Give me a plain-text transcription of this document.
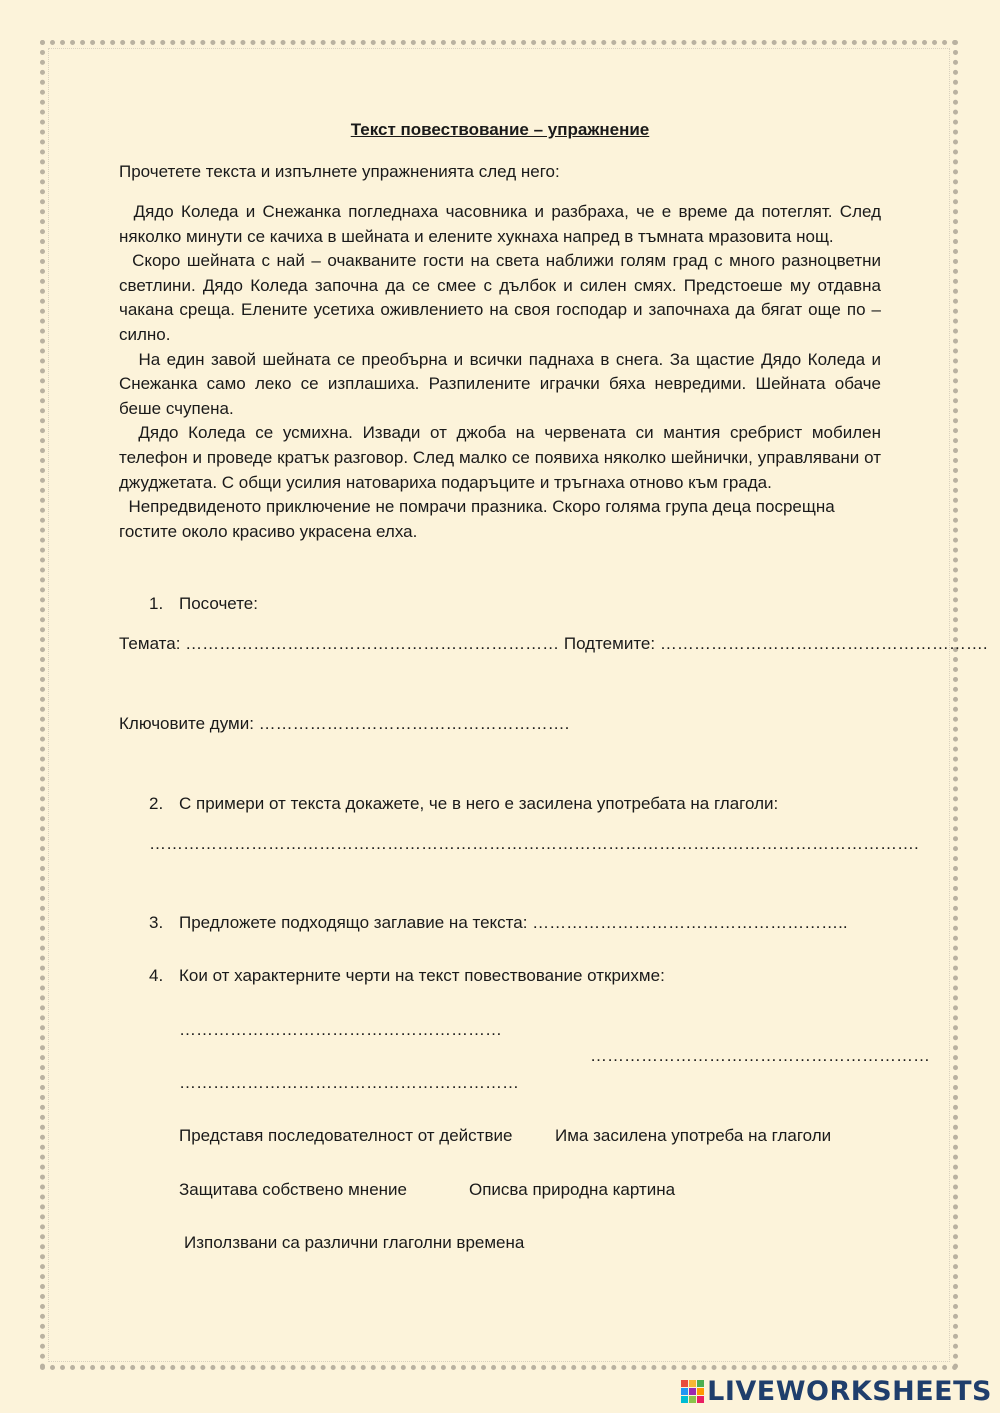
Текст повествование – упражнение
Прочетете текста и изпълнете упражненията след него:

Дядо Коледа и Снежанка погледнаха часовника и разбраха, че е време да потеглят. След няколко минути се качиха в шейната и елените хукнаха напред в тъмната мразовита нощ.

Скоро шейната с най – очакваните гости на света наближи голям град с много разноцветни светлини. Дядо Коледа започна да се смее с дълбок и силен смях. Предстоеше му отдавна чакана среща. Елените усетиха оживлението на своя господар и започнаха да бягат още по – силно.

На един завой шейната се преобърна и всички паднаха в снега. За щастие Дядо Коледа и Снежанка само леко се изплашиха. Разпилените играчки бяха невредими. Шейната обаче беше счупена.

Дядо Коледа се усмихна. Извади от джоба на червената си мантия сребрист мобилен телефон и проведе кратък разговор. След малко се появиха няколко шейнички, управлявани от джуджетата. С общи усилия натовариха подаръците и тръгнаха отново към града.

Непредвиденото приключение не помрачи празника. Скоро голяма група деца посрещна гостите около красиво украсена елха.

1. Посочете:
Темата: ………………………………………………………… Подтемите: ………………………………………………….
Ключовите думи: ……………………………………………….
2. С примери от текста докажете, че в него е засилена употребата на глаголи:
……………………………………………………………………………………………………………………….
3. Предложете подходящо заглавие на текста: ………………………………………………..
4. Кои от характерните черти на текст повествование открихме:
…………………………………………………
……………………………………………………
……………………………………………………
Представя последователност от действие	Има засилена употреба на глаголи
Защитава собствено мнение	Описва природна картина
Използвани са различни глаголни времена
LIVEWORKSHEETS
